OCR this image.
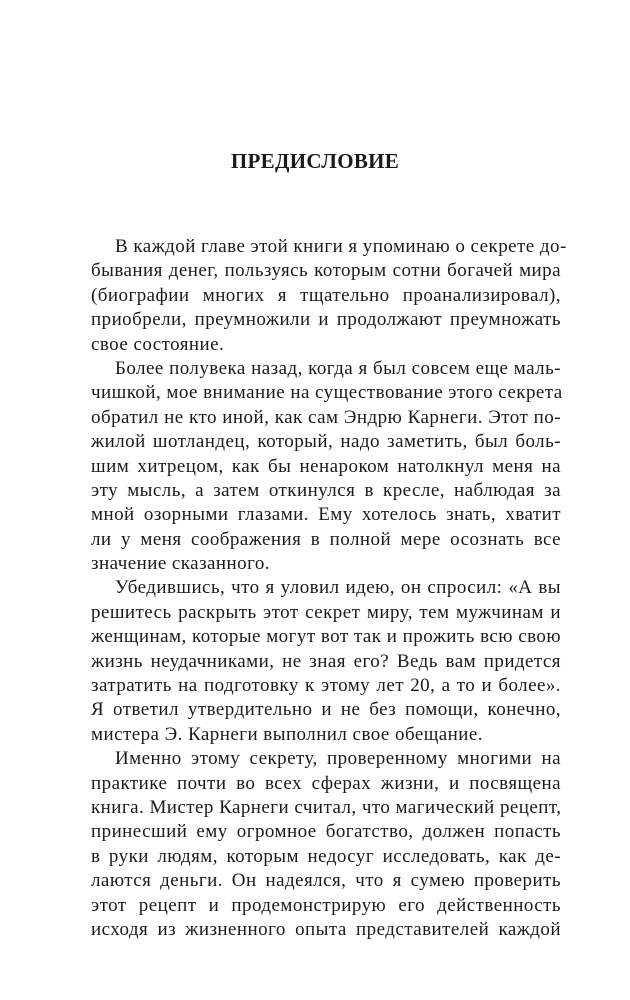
ПРЕДИСЛОВИЕ
В каждой главе этой книги я упоминаю о секрете до-
бывания денег, пользуясь которым сотни богачей мира
(биографии многих я тщательно проанализировал),
приобрели, преумножили и продолжают преумножать
свое состояние.
Более полувека назад, когда я был совсем еще маль-
чишкой, мое внимание на существование этого секрета
обратил не кто иной, как сам Эндрю Карнеги. Этот по-
жилой шотландец, который, надо заметить, был боль-
шим хитрецом, как бы ненароком натолкнул меня на
эту мысль, а затем откинулся в кресле, наблюдая за
мной озорными глазами. Ему хотелось знать, хватит
ли у меня соображения в полной мере осознать все
значение сказанного.
Убедившись, что я уловил идею, он спросил: «А вы
решитесь раскрыть этот секрет миру, тем мужчинам и
женщинам, которые могут вот так и прожить всю свою
жизнь неудачниками, не зная его? Ведь вам придется
затратить на подготовку к этому лет 20, а то и более».
Я ответил утвердительно и не без помощи, конечно,
мистера Э. Карнеги выполнил свое обещание.
Именно этому секрету, проверенному многими на
практике почти во всех сферах жизни, и посвящена
книга. Мистер Карнеги считал, что магический рецепт,
принесший ему огромное богатство, должен попасть
в руки людям, которым недосуг исследовать, как де-
лаются деньги. Он надеялся, что я сумею проверить
этот рецепт и продемонстрирую его действенность
исходя из жизненного опыта представителей каждой
